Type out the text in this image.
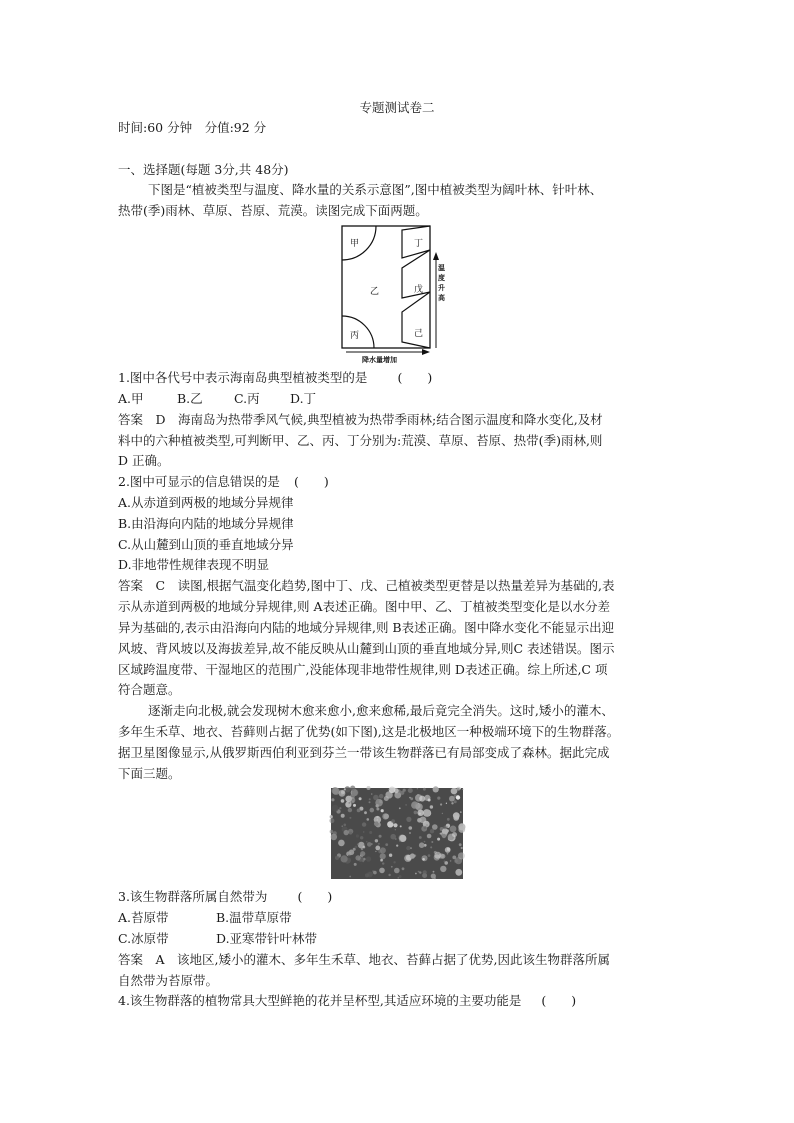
专题测试卷二
时间:60 分钟　分值:92 分
一、选择题(每题 3分,共 48分)
下图是“植被类型与温度、降水量的关系示意图”,图中植被类型为阔叶林、针叶林、
热带(季)雨林、草原、苔原、荒漠。读图完成下面两题。
甲
乙
丙
丁
戊
己
温
度
升
高
降水量增加
1.图中各代号中表示海南岛典型植被类型的是 (　　)
A.甲	B.乙	C.丙 D.丁
答案　D　海南岛为热带季风气候,典型植被为热带季雨林;结合图示温度和降水变化,及材
料中的六种植被类型,可判断甲、乙、丙、丁分别为:荒漠、草原、苔原、热带(季)雨林,则
D 正确。
2.图中可显示的信息错误的是 (　　)
A.从赤道到两极的地域分异规律
B.由沿海向内陆的地域分异规律
C.从山麓到山顶的垂直地域分异
D.非地带性规律表现不明显
答案　C　读图,根据气温变化趋势,图中丁、戊、己植被类型更替是以热量差异为基础的,表
示从赤道到两极的地域分异规律,则 A表述正确。图中甲、乙、丁植被类型变化是以水分差
异为基础的,表示由沿海向内陆的地域分异规律,则 B表述正确。图中降水变化不能显示出迎
风坡、背风坡以及海拔差异,故不能反映从山麓到山顶的垂直地域分异,则C 表述错误。图示
区域跨温度带、干湿地区的范围广,没能体现非地带性规律,则 D表述正确。综上所述,C 项
符合题意。
逐渐走向北极,就会发现树木愈来愈小,愈来愈稀,最后竟完全消失。这时,矮小的灌木、
多年生禾草、地衣、苔藓则占据了优势(如下图),这是北极地区一种极端环境下的生物群落。
据卫星图像显示,从俄罗斯西伯利亚到芬兰一带该生物群落已有局部变成了森林。据此完成
下面三题。
3.该生物群落所属自然带为 (　　)
A.苔原带	B.温带草原带
C.冰原带	D.亚寒带针叶林带
答案　A　该地区,矮小的灌木、多年生禾草、地衣、苔藓占据了优势,因此该生物群落所属
自然带为苔原带。
4.该生物群落的植物常具大型鲜艳的花并呈杯型,其适应环境的主要功能是 (　　)
